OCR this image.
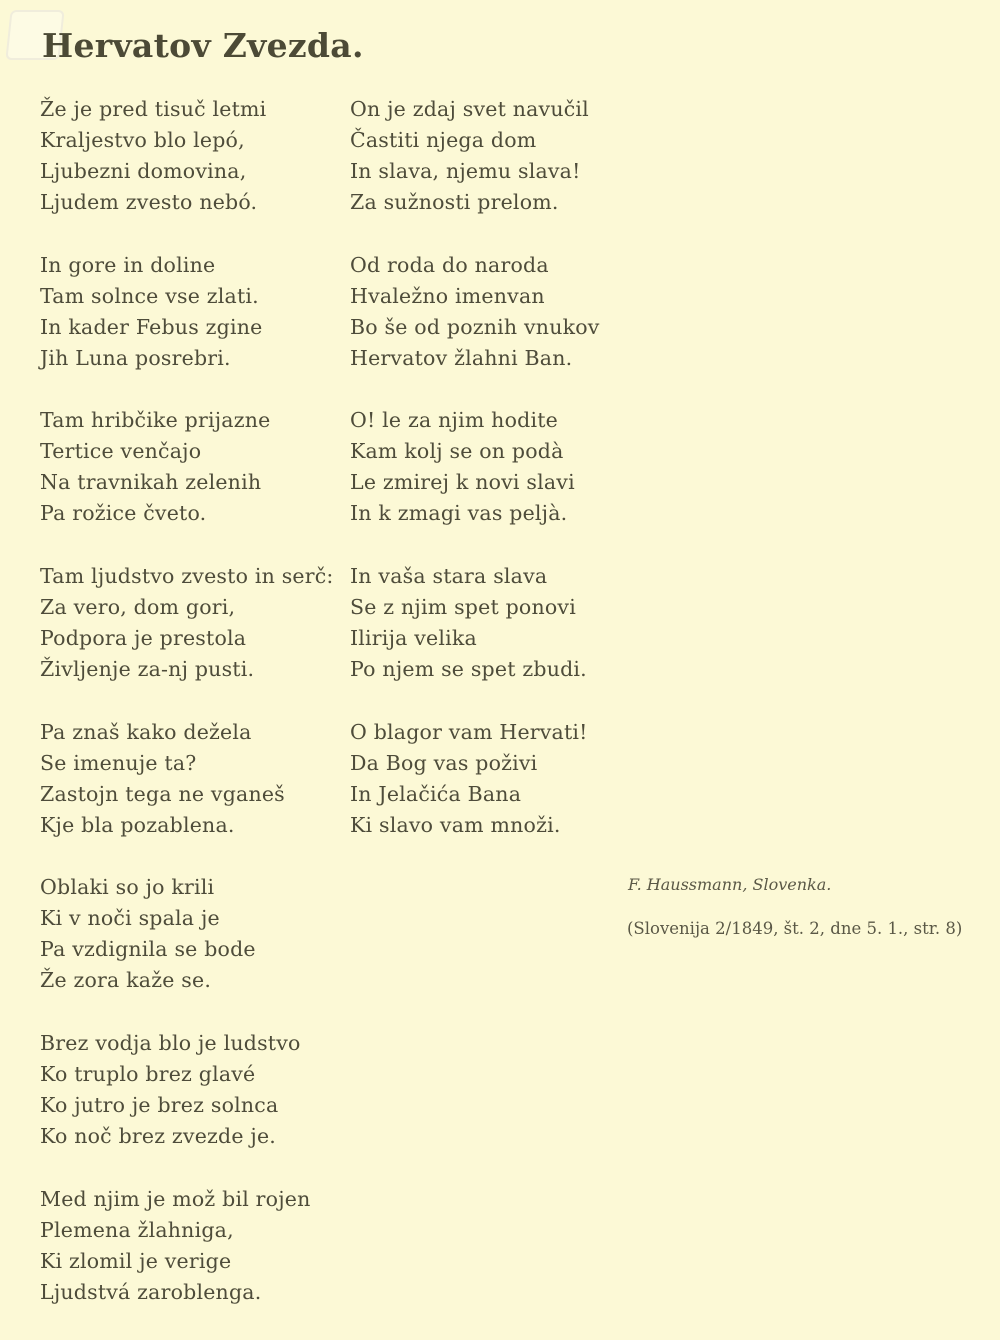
Hervatov Zvezda.
Že je pred tisuč letmi
Kraljestvo blo lepó,
Ljubezni domovina,
Ljudem zvesto nebó.
In gore in doline
Tam solnce vse zlati.
In kader Febus zgine
Jih Luna posrebri.
Tam hribčike prijazne
Tertice venčajo
Na travnikah zelenih
Pa rožice čveto.
Tam ljudstvo zvesto in serč:
Za vero, dom gori,
Podpora je prestola
Življenje za-nj pusti.
Pa znaš kako dežela
Se imenuje ta?
Zastojn tega ne vganeš
Kje bla pozablena.
Oblaki so jo krili
Ki v noči spala je
Pa vzdignila se bode
Že zora kaže se.
Brez vodja blo je ludstvo
Ko truplo brez glavé
Ko jutro je brez solnca
Ko noč brez zvezde je.
Med njim je mož bil rojen
Plemena žlahniga,
Ki zlomil je verige
Ljudstvá zaroblenga.
On je zdaj svet navučil
Častiti njega dom
In slava, njemu slava!
Za sužnosti prelom.
Od roda do naroda
Hvaležno imenvan
Bo še od poznih vnukov
Hervatov žlahni Ban.
O! le za njim hodite
Kam kolj se on podà
Le zmirej k novi slavi
In k zmagi vas peljà.
In vaša stara slava
Se z njim spet ponovi
Ilirija velika
Po njem se spet zbudi.
O blagor vam Hervati!
Da Bog vas poživi
In Jelačića Bana
Ki slavo vam množi.
F. Haussmann, Slovenka.
(Slovenija 2/1849, št. 2, dne 5. 1., str. 8)
